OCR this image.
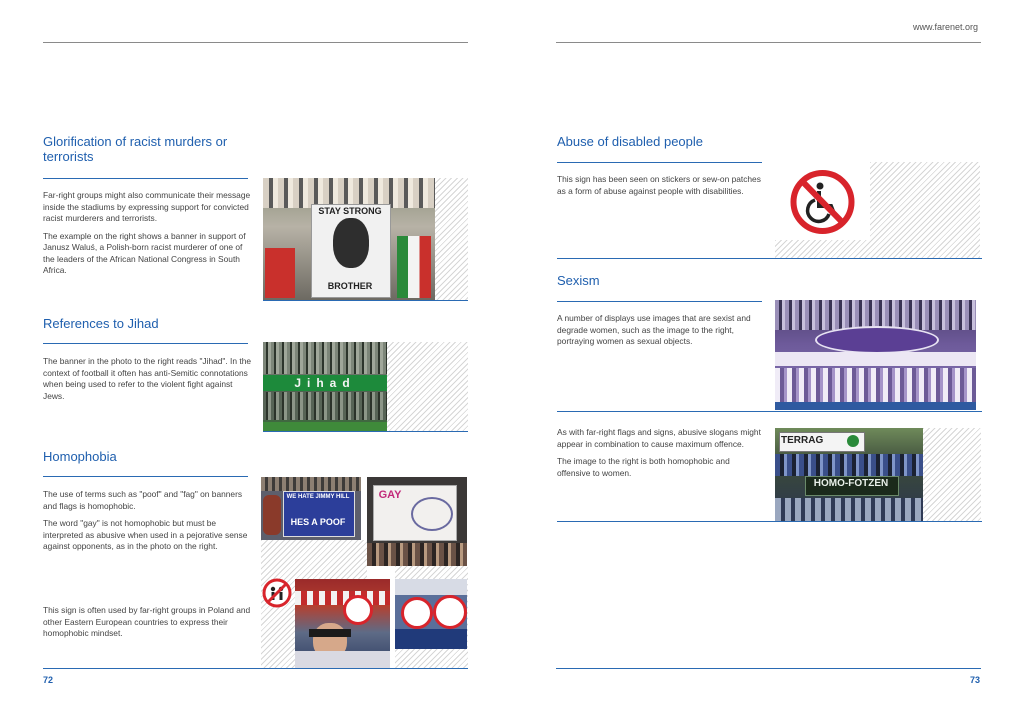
www.farenet.org
Glorification of racist murders or terrorists

Far-right groups might also communicate their message inside the stadiums by expressing support for convicted racist murderers and terrorists.

The example on the right shows a banner in support of Janusz Waluś, a Polish-born racist murderer of one of the leaders of the African National Congress in South Africa.

STAY STRONG
BROTHER
References to Jihad

The banner in the photo to the right reads "Jihad". In the context of football it often has anti-Semitic connotations when being used to refer to the violent fight against Jews.

Jihad
Homophobia

The use of terms such as "poof" and "fag" on banners and flags is homophobic.

The word "gay" is not homophobic but must be interpreted as abusive when used in a pejorative sense against opponents, as in the photo on the right.

This sign is often used by far-right groups in Poland and other Eastern European countries to express their homophobic mindset.

WE HATE JIMMY HILL
HES A POOF
GAY
72
Abuse of disabled people

This sign has been seen on stickers or sew-on patches as a form of abuse against people with disabilities.

Sexism

A number of displays use images that are sexist and degrade women, such as the image to the right, portraying women as sexual objects.

As with far-right flags and signs, abusive slogans might appear in combination to cause maximum offence.

The image to the right is both homophobic and offensive to women.

TERRAG
HOMO-FOTZEN
73
